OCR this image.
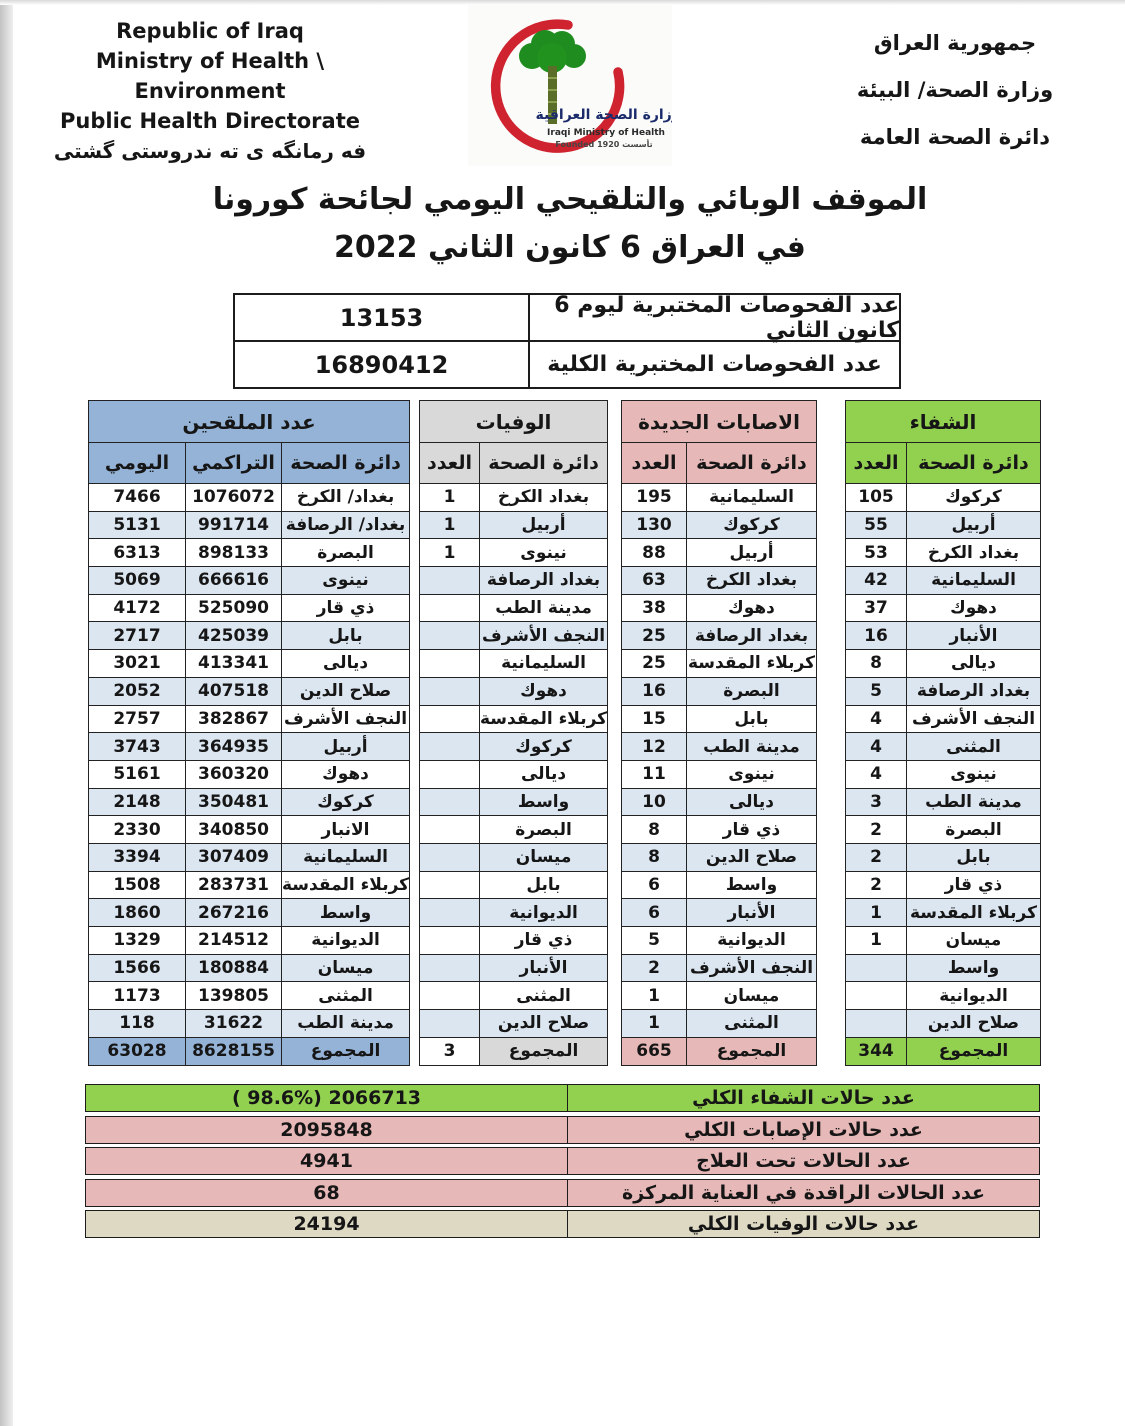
Republic of Iraq
Ministry of Health \ Environment
Public Health Directorate
فه رمانگه ی ته ندروستی گشتی
وزارة الصحة العراقية
Iraqi Ministry of Health
Founded 1920 تأسست
جمهورية العراق
وزارة الصحة/ البيئة
دائرة الصحة العامة
الموقف الوبائي والتلقيحي اليومي لجائحة كورونا
في العراق 6 كانون الثاني 2022
13153	عدد الفحوصات المختبرية ليوم 6 كانون الثاني
16890412	عدد الفحوصات المختبرية الكلية
عدد الملقحين		
اليومي	التراكمي	دائرة الصحة
7466	1076072	بغداد/ الكرخ
5131	991714	بغداد/ الرصافة
6313	898133	البصرة
5069	666616	نينوى
4172	525090	ذي قار
2717	425039	بابل
3021	413341	ديالى
2052	407518	صلاح الدين
2757	382867	النجف الأشرف
3743	364935	أربيل
5161	360320	دهوك
2148	350481	كركوك
2330	340850	الانبار
3394	307409	السليمانية
1508	283731	كربلاء المقدسة
1860	267216	واسط
1329	214512	الديوانية
1566	180884	ميسان
1173	139805	المثنى
118	31622	مدينة الطب
63028	8628155	المجموع
الوفيات	
العدد	دائرة الصحة
1	بغداد الكرخ
1	أربيل
1	نينوى
	بغداد الرصافة
	مدينة الطب
	النجف الأشرف
	السليمانية
	دهوك
	كربلاء المقدسة
	كركوك
	ديالى
	واسط
	البصرة
	ميسان
	بابل
	الديوانية
	ذي قار
	الأنبار
	المثنى
	صلاح الدين
3	المجموع
الاصابات الجديدة	
العدد	دائرة الصحة
195	السليمانية
130	كركوك
88	أربيل
63	بغداد الكرخ
38	دهوك
25	بغداد الرصافة
25	كربلاء المقدسة
16	البصرة
15	بابل
12	مدينة الطب
11	نينوى
10	ديالى
8	ذي قار
8	صلاح الدين
6	واسط
6	الأنبار
5	الديوانية
2	النجف الأشرف
1	ميسان
1	المثنى
665	المجموع
الشفاء	
العدد	دائرة الصحة
105	كركوك
55	أربيل
53	بغداد الكرخ
42	السليمانية
37	دهوك
16	الأنبار
8	ديالى
5	بغداد الرصافة
4	النجف الأشرف
4	المثنى
4	نينوى
3	مدينة الطب
2	البصرة
2	بابل
2	ذي قار
1	كربلاء المقدسة
1	ميسان
	واسط
	الديوانية
	صلاح الدين
344	المجموع
( 98.6%) 2066713	عدد حالات الشفاء الكلي
2095848	عدد حالات الإصابات الكلي
4941	عدد الحالات تحت العلاج
68	عدد الحالات الراقدة في العناية المركزة
24194	عدد حالات الوفيات الكلي
